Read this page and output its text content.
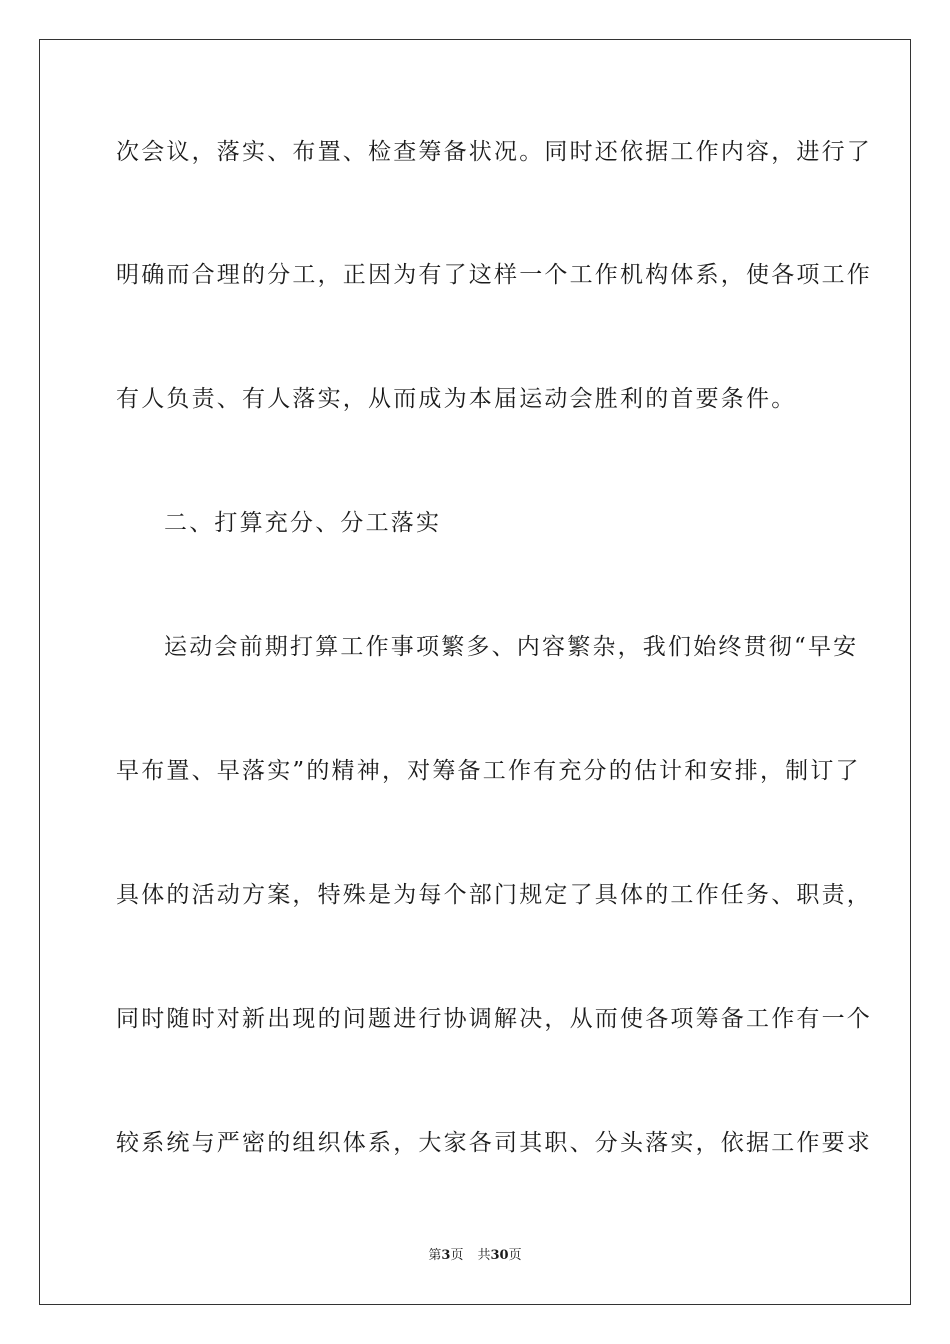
次会议，落实、布置、检查筹备状况。同时还依据工作内容，进行了
明确而合理的分工，正因为有了这样一个工作机构体系，使各项工作
有人负责、有人落实，从而成为本届运动会胜利的首要条件。
二、打算充分、分工落实
运动会前期打算工作事项繁多、内容繁杂，我们始终贯彻“早安
早布置、早落实”的精神，对筹备工作有充分的估计和安排，制订了
具体的活动方案，特殊是为每个部门规定了具体的工作任务、职责，
同时随时对新出现的问题进行协调解决，从而使各项筹备工作有一个
较系统与严密的组织体系，大家各司其职、分头落实，依据工作要求
第3页 共30页
